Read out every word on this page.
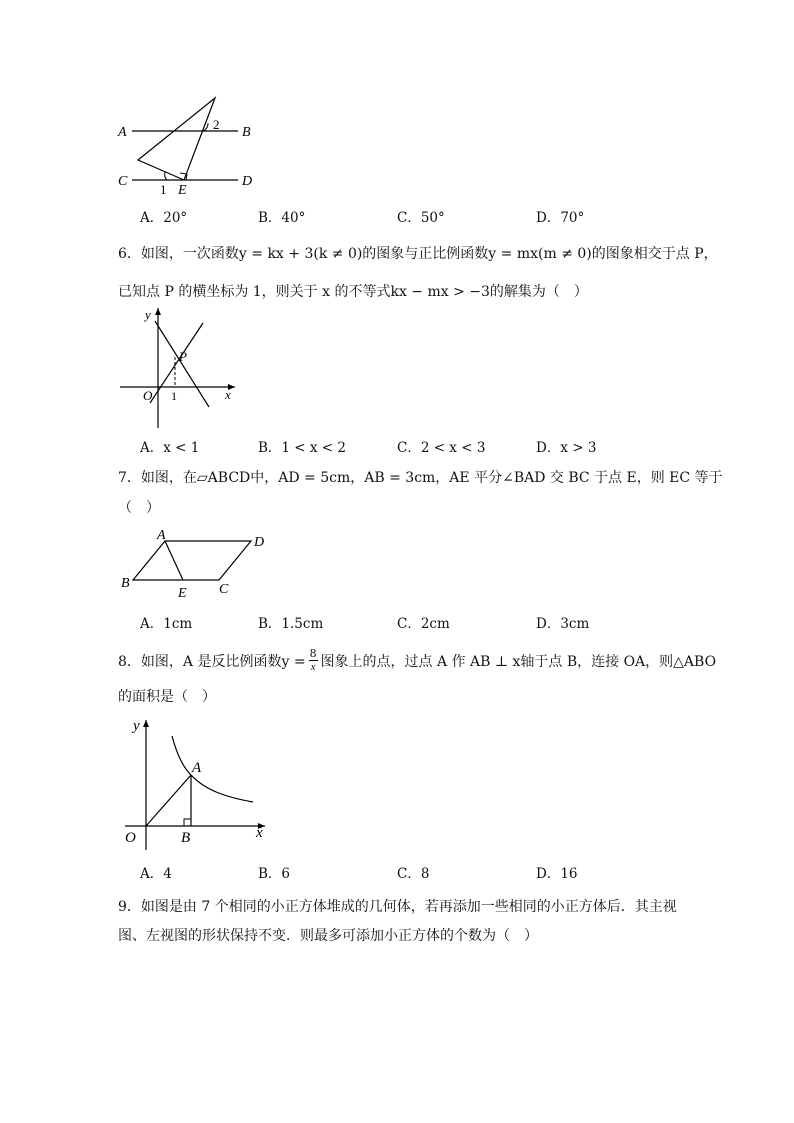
A	B
C	D
E
2
1
A．20°	B．40°	C．50°	D．70°
6．如图，一次函数y = kx + 3(k ≠ 0)的图象与正比例函数y = mx(m ≠ 0)的图象相交于点 P，
已知点 P 的横坐标为 1，则关于 x 的不等式kx − mx > −3的解集为（　）
y
x
O
P
1
A．x < 1	B．1 < x < 2	C．2 < x < 3	D．x > 3
7．如图，在▱ABCD中，AD = 5cm，AB = 3cm，AE 平分∠BAD 交 BC 于点 E，则 EC 等于
（　）
A
B	C
D
E
A．1cm	B．1.5cm	C．2cm	D．3cm
8．如图，A 是反比例函数$y = \frac{8}{x}$ 图象上的点，过点 A 作 AB ⊥ x轴于点 B，连接 OA，则△ABO
的面积是（　）
y
x
O
A
B
A．4	B．6	C．8	D．16
9．如图是由 7 个相同的小正方体堆成的几何体，若再添加一些相同的小正方体后．其主视
图、左视图的形状保持不变．则最多可添加小正方体的个数为（　）
